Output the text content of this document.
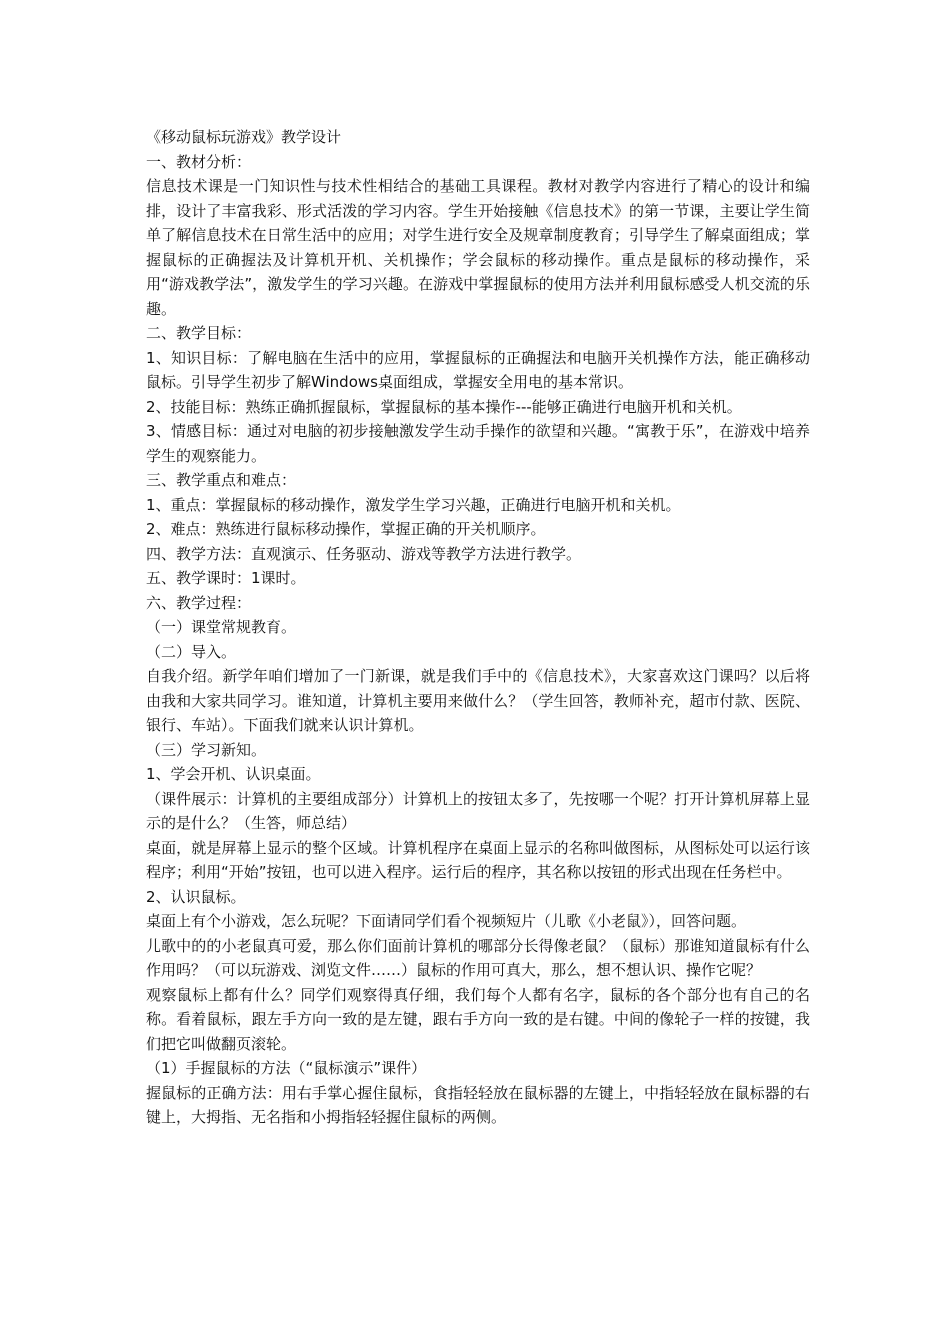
《移动鼠标玩游戏》教学设计

一、教材分析：

信息技术课是一门知识性与技术性相结合的基础工具课程。教材对教学内容进行了精心的设计和编排，设计了丰富我彩、形式活泼的学习内容。学生开始接触《信息技术》的第一节课，主要让学生简单了解信息技术在日常生活中的应用；对学生进行安全及规章制度教育；引导学生了解桌面组成；掌握鼠标的正确握法及计算机开机、关机操作；学会鼠标的移动操作。重点是鼠标的移动操作，采用“游戏教学法”，激发学生的学习兴趣。在游戏中掌握鼠标的使用方法并利用鼠标感受人机交流的乐趣。

二、教学目标：

1、知识目标：了解电脑在生活中的应用，掌握鼠标的正确握法和电脑开关机操作方法，能正确移动鼠标。引导学生初步了解Windows桌面组成，掌握安全用电的基本常识。

2、技能目标：熟练正确抓握鼠标，掌握鼠标的基本操作---能够正确进行电脑开机和关机。

3、情感目标：通过对电脑的初步接触激发学生动手操作的欲望和兴趣。“寓教于乐”，在游戏中培养学生的观察能力。

三、教学重点和难点：

1、重点：掌握鼠标的移动操作，激发学生学习兴趣，正确进行电脑开机和关机。

2、难点：熟练进行鼠标移动操作，掌握正确的开关机顺序。

四、教学方法：直观演示、任务驱动、游戏等教学方法进行教学。

五、教学课时：1课时。

六、教学过程：

（一）课堂常规教育。

（二）导入。

自我介绍。新学年咱们增加了一门新课，就是我们手中的《信息技术》，大家喜欢这门课吗？以后将由我和大家共同学习。谁知道，计算机主要用来做什么？（学生回答，教师补充，超市付款、医院、银行、车站）。下面我们就来认识计算机。

（三）学习新知。

1、学会开机、认识桌面。

（课件展示：计算机的主要组成部分）计算机上的按钮太多了，先按哪一个呢？打开计算机屏幕上显示的是什么？（生答，师总结）

桌面，就是屏幕上显示的整个区域。计算机程序在桌面上显示的名称叫做图标，从图标处可以运行该程序；利用“开始”按钮，也可以进入程序。运行后的程序，其名称以按钮的形式出现在任务栏中。

2、认识鼠标。

桌面上有个小游戏，怎么玩呢？下面请同学们看个视频短片（儿歌《小老鼠》），回答问题。

儿歌中的的小老鼠真可爱，那么你们面前计算机的哪部分长得像老鼠？（鼠标）那谁知道鼠标有什么作用吗？（可以玩游戏、浏览文件……）鼠标的作用可真大，那么，想不想认识、操作它呢？

观察鼠标上都有什么？同学们观察得真仔细，我们每个人都有名字，鼠标的各个部分也有自己的名称。看着鼠标，跟左手方向一致的是左键，跟右手方向一致的是右键。中间的像轮子一样的按键，我们把它叫做翻页滚轮。

（1）手握鼠标的方法（“鼠标演示”课件）

握鼠标的正确方法：用右手掌心握住鼠标，食指轻轻放在鼠标器的左键上，中指轻轻放在鼠标器的右键上，大拇指、无名指和小拇指轻轻握住鼠标的两侧。
